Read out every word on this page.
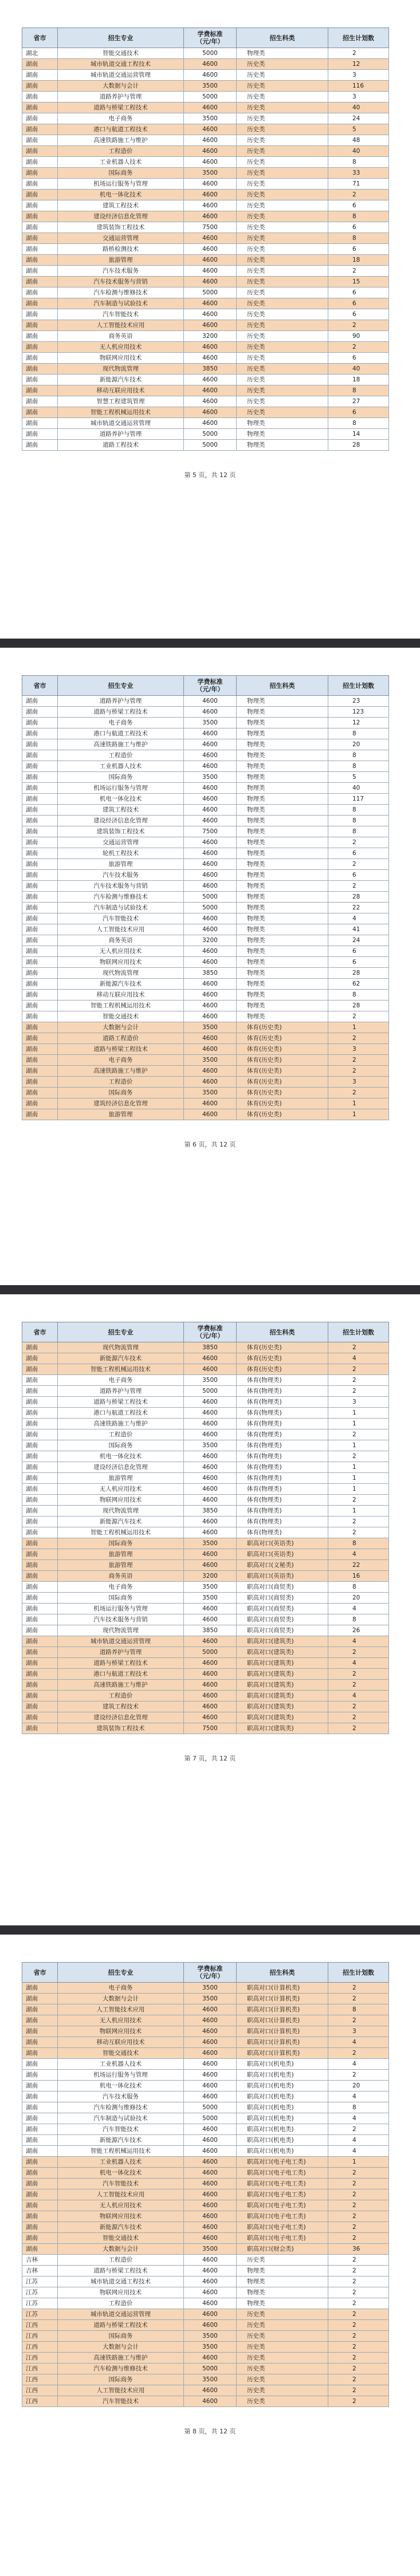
省市	招生专业	学费标准
（元/年）	招生科类	招生计划数
湖北	智能交通技术	5000	物理类	2
湖南	城市轨道交通工程技术	4600	历史类	12
湖南	城市轨道交通运营管理	4600	历史类	3
湖南	大数据与会计	3500	历史类	116
湖南	道路养护与管理	5000	历史类	3
湖南	道路与桥梁工程技术	4600	历史类	40
湖南	电子商务	3500	历史类	24
湖南	港口与航道工程技术	4600	历史类	5
湖南	高速铁路施工与维护	4600	历史类	48
湖南	工程造价	4600	历史类	40
湖南	工业机器人技术	4600	历史类	8
湖南	国际商务	3500	历史类	33
湖南	机场运行服务与管理	4600	历史类	71
湖南	机电一体化技术	4600	历史类	2
湖南	建筑工程技术	4600	历史类	6
湖南	建设经济信息化管理	4600	历史类	8
湖南	建筑装饰工程技术	7500	历史类	6
湖南	交通运营管理	4600	历史类	8
湖南	路桥检测技术	4600	历史类	6
湖南	旅游管理	4600	历史类	18
湖南	汽车技术服务	4600	历史类	2
湖南	汽车技术服务与营销	4600	历史类	15
湖南	汽车检测与维修技术	5000	历史类	6
湖南	汽车制造与试验技术	4600	历史类	6
湖南	汽车智能技术	4600	历史类	6
湖南	人工智能技术应用	4600	历史类	2
湖南	商务英语	3200	历史类	90
湖南	无人机应用技术	4600	历史类	2
湖南	物联网应用技术	4600	历史类	6
湖南	现代物流管理	3850	历史类	40
湖南	新能源汽车技术	4600	历史类	18
湖南	移动互联应用技术	4600	历史类	8
湖南	智慧工程建筑管理	4600	历史类	27
湖南	智能工程机械运用技术	4600	历史类	6
湖南	城市轨道交通运营管理	4600	物理类	8
湖南	道路养护与管理	5000	物理类	14
湖南	道路工程技术	5000	物理类	28
第 5 页，共 12 页
省市	招生专业	学费标准
（元/年）	招生科类	招生计划数
湖南	道路养护与管理	4600	物理类	23
湖南	道路与桥梁工程技术	4600	物理类	123
湖南	电子商务	3500	物理类	12
湖南	港口与航道工程技术	4600	物理类	8
湖南	高速铁路施工与维护	4600	物理类	20
湖南	工程造价	4600	物理类	8
湖南	工业机器人技术	4600	物理类	8
湖南	国际商务	3500	物理类	5
湖南	机场运行服务与管理	4600	物理类	40
湖南	机电一体化技术	4600	物理类	117
湖南	建筑工程技术	4600	物理类	8
湖南	建设经济信息化管理	4600	物理类	8
湖南	建筑装饰工程技术	7500	物理类	8
湖南	交通运营管理	4600	物理类	2
湖南	轮机工程技术	4600	物理类	6
湖南	旅游管理	4600	物理类	2
湖南	汽车技术服务	4600	物理类	6
湖南	汽车技术服务与营销	4600	物理类	2
湖南	汽车检测与维修技术	5000	物理类	28
湖南	汽车制造与试验技术	5000	物理类	22
湖南	汽车智能技术	4600	物理类	4
湖南	人工智能技术应用	4600	物理类	41
湖南	商务英语	3200	物理类	24
湖南	无人机应用技术	4600	物理类	6
湖南	物联网应用技术	4600	物理类	6
湖南	现代物流管理	3850	物理类	28
湖南	新能源汽车技术	4600	物理类	62
湖南	移动互联应用技术	4600	物理类	8
湖南	智能工程机械运用技术	4600	物理类	28
湖南	智能交通技术	4600	物理类	2
湖南	大数据与会计	3500	体育(历史类)	1
湖南	道路工程造价	4600	体育(历史类)	2
湖南	道路与桥梁工程技术	4600	体育(历史类)	3
湖南	电子商务	3500	体育(历史类)	2
湖南	高速铁路施工与维护	4600	体育(历史类)	2
湖南	工程造价	4600	体育(历史类)	3
湖南	国际商务	3500	体育(历史类)	2
湖南	建筑经济信息化管理	4600	体育(历史类)	1
湖南	旅游管理	4600	体育(历史类)	1
第 6 页，共 12 页
省市	招生专业	学费标准
（元/年）	招生科类	招生计划数
湖南	现代物流管理	3850	体育(历史类)	2
湖南	新能源汽车技术	4600	体育(历史类)	4
湖南	智能工程机械运用技术	4600	体育(历史类)	2
湖南	电子商务	3500	体育(物理类)	2
湖南	道路养护与管理	5000	体育(物理类)	2
湖南	道路与桥梁工程技术	4600	体育(物理类)	3
湖南	港口与航道工程技术	4600	体育(物理类)	1
湖南	高速铁路施工与维护	4600	体育(物理类)	1
湖南	工程造价	4600	体育(物理类)	2
湖南	国际商务	3500	体育(物理类)	1
湖南	机电一体化技术	4600	体育(物理类)	2
湖南	建设经济信息化管理	4600	体育(物理类)	1
湖南	旅游管理	4600	体育(物理类)	1
湖南	无人机应用技术	4600	体育(物理类)	1
湖南	物联网应用技术	4600	体育(物理类)	2
湖南	现代物流管理	3850	体育(物理类)	1
湖南	新能源汽车技术	4600	体育(物理类)	2
湖南	智能工程机械运用技术	4600	体育(物理类)	2
湖南	国际商务	3500	职高对口(英语类)	8
湖南	旅游管理	4600	职高对口(英语类)	4
湖南	旅游管理	4600	职高对口(文秘类)	22
湖南	商务英语	3200	职高对口(英语类)	16
湖南	电子商务	3500	职高对口(商贸类)	8
湖南	国际商务	3500	职高对口(商贸类)	20
湖南	机场运行服务与管理	4600	职高对口(商贸类)	4
湖南	汽车技术服务与营销	4600	职高对口(商贸类)	8
湖南	现代物流管理	3850	职高对口(商贸类)	26
湖南	城市轨道交通运营管理	4600	职高对口(建筑类)	4
湖南	道路养护与管理	5000	职高对口(建筑类)	2
湖南	道路与桥梁工程技术	4600	职高对口(建筑类)	4
湖南	港口与航道工程技术	4600	职高对口(建筑类)	2
湖南	高速铁路施工与维护	4600	职高对口(建筑类)	2
湖南	工程造价	4600	职高对口(建筑类)	4
湖南	建筑工程技术	4600	职高对口(建筑类)	2
湖南	建设经济信息化管理	4600	职高对口(建筑类)	2
湖南	建筑装饰工程技术	7500	职高对口(建筑类)	2
第 7 页，共 12 页
省市	招生专业	学费标准
（元/年）	招生科类	招生计划数
湖南	电子商务	3500	职高对口(计算机类)	2
湖南	大数据与会计	3500	职高对口(计算机类)	2
湖南	人工智能技术应用	4600	职高对口(计算机类)	8
湖南	无人机应用技术	4600	职高对口(计算机类)	2
湖南	物联网应用技术	4600	职高对口(计算机类)	3
湖南	移动互联应用技术	4600	职高对口(计算机类)	4
湖南	智能交通技术	4600	职高对口(计算机类)	2
湖南	工业机器人技术	4600	职高对口(机电类)	4
湖南	机场运行服务与管理	4600	职高对口(机电类)	2
湖南	机电一体化技术	4600	职高对口(机电类)	20
湖南	汽车技术服务	4600	职高对口(机电类)	4
湖南	汽车检测与维修技术	5000	职高对口(机电类)	8
湖南	汽车制造与试验技术	5000	职高对口(机电类)	4
湖南	汽车智能技术	4600	职高对口(机电类)	2
湖南	新能源汽车技术	4600	职高对口(机电类)	4
湖南	智能工程机械运用技术	4600	职高对口(机电类)	4
湖南	工业机器人技术	4600	职高对口(电子电工类)	1
湖南	机电一体化技术	4600	职高对口(电子电工类)	2
湖南	汽车智能技术	4600	职高对口(电子电工类)	2
湖南	人工智能技术应用	4600	职高对口(电子电工类)	2
湖南	无人机应用技术	4600	职高对口(电子电工类)	2
湖南	物联网应用技术	4600	职高对口(电子电工类)	2
湖南	新能源汽车技术	4600	职高对口(电子电工类)	2
湖南	智能交通技术	4600	职高对口(电子电工类)	2
湖南	大数据与会计	3500	职高对口(财会类)	36
吉林	工程造价	4600	历史类	2
吉林	道路与桥梁工程技术	4600	物理类	2
江苏	城市轨道交通工程技术	4600	物理类	2
江苏	物联网应用技术	4600	物理类	2
江苏	工程造价	4600	物理类	2
江苏	城市轨道交通运营管理	4600	历史类	2
江西	道路与桥梁工程技术	4600	历史类	2
江西	国际商务	3500	历史类	2
江西	大数据与会计	3500	历史类	2
江西	高速铁路施工与维护	4600	历史类	2
江西	汽车检测与维修技术	5000	历史类	2
江西	国际商务	3500	历史类	2
江西	人工智能技术应用	4600	历史类	2
江西	汽车智能技术	4600	历史类	2
第 8 页，共 12 页
